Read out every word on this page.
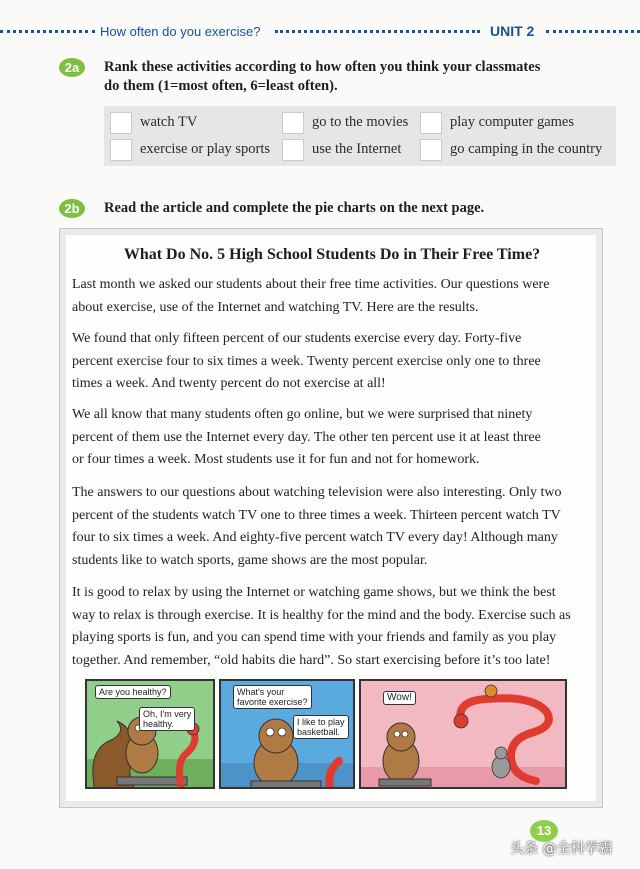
How often do you exercise?	UNIT 2
2a	Rank these activities according to how often you think your classmates
do them (1=most often, 6=least often).
watch TV	go to the movies	play computer games
exercise or play sports	use the Internet	go camping in the country
2b	Read the article and complete the pie charts on the next page.
What Do No. 5 High School Students Do in Their Free Time?
Last month we asked our students about their free time activities. Our questions were
about exercise, use of the Internet and watching TV. Here are the results.
We found that only fifteen percent of our students exercise every day. Forty-five
percent exercise four to six times a week. Twenty percent exercise only one to three
times a week. And twenty percent do not exercise at all!
We all know that many students often go online, but we were surprised that ninety
percent of them use the Internet every day. The other ten percent use it at least three
or four times a week. Most students use it for fun and not for homework.
The answers to our questions about watching television were also interesting. Only two
percent of the students watch TV one to three times a week. Thirteen percent watch TV
four to six times a week. And eighty-five percent watch TV every day! Although many
students like to watch sports, game shows are the most popular.
It is good to relax by using the Internet or watching game shows, but we think the best
way to relax is through exercise. It is healthy for the mind and the body. Exercise such as
playing sports is fun, and you can spend time with your friends and family as you play
together. And remember, “old habits die hard”. So start exercising before it’s too late!
Are you healthy?
Oh, I'm very
healthy.
What's your
favorite exercise?
I like to play
basketball.
Wow!
13
头条 @全科学霸
